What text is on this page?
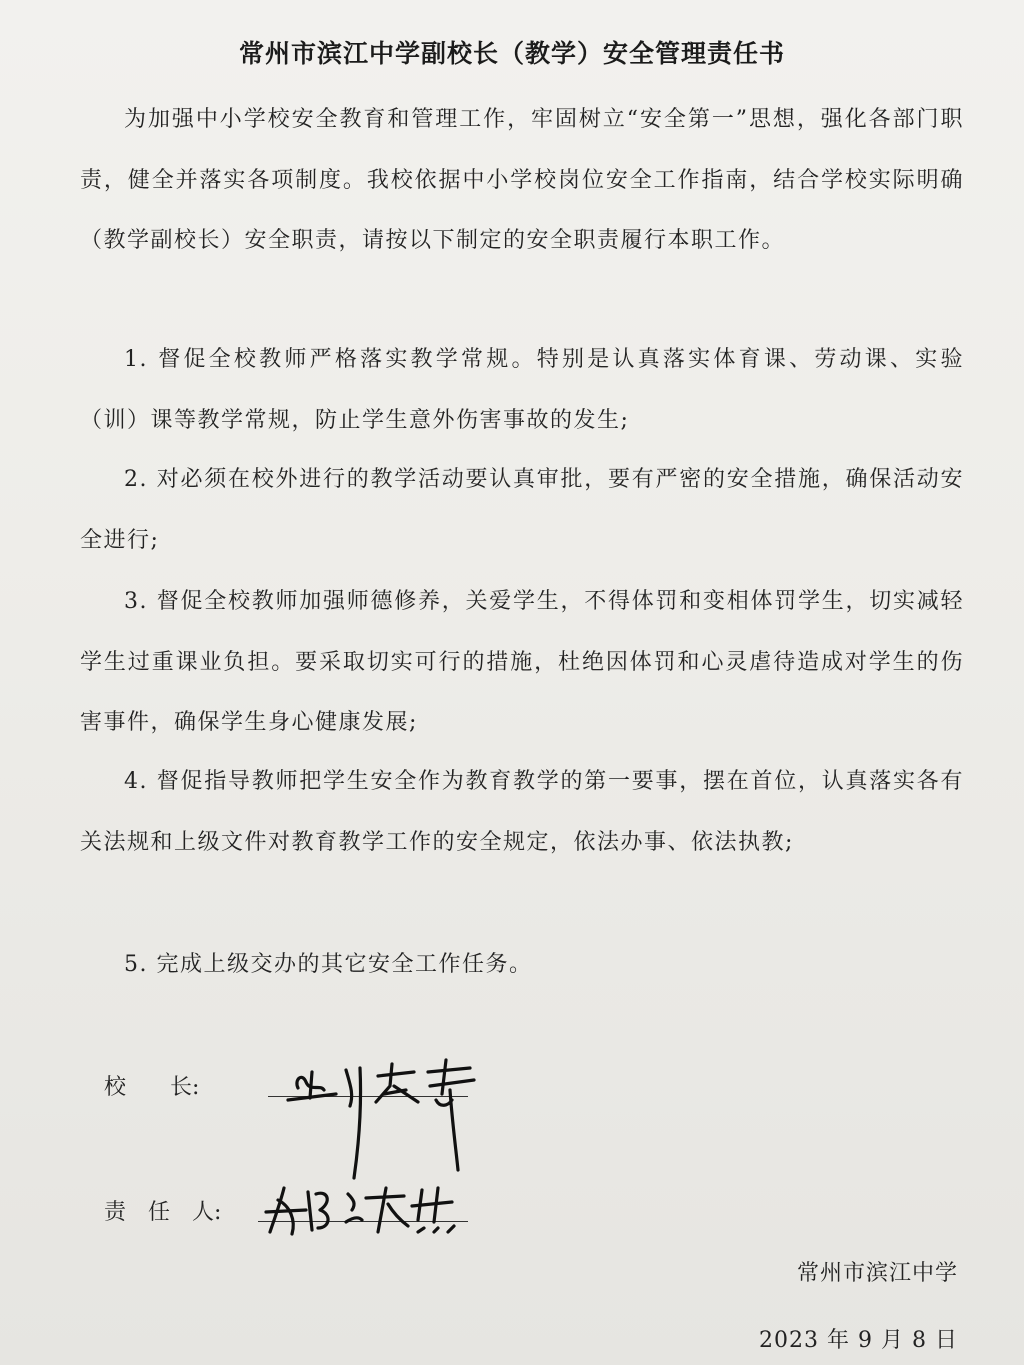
常州市滨江中学副校长（教学）安全管理责任书

为加强中小学校安全教育和管理工作，牢固树立“安全第一”思想，强化各部门职责，健全并落实各项制度。我校依据中小学校岗位安全工作指南，结合学校实际明确（教学副校长）安全职责，请按以下制定的安全职责履行本职工作。

1. 督促全校教师严格落实教学常规。特别是认真落实体育课、劳动课、实验（训）课等教学常规，防止学生意外伤害事故的发生;

2. 对必须在校外进行的教学活动要认真审批，要有严密的安全措施，确保活动安全进行;

3. 督促全校教师加强师德修养，关爱学生，不得体罚和变相体罚学生，切实减轻学生过重课业负担。要采取切实可行的措施，杜绝因体罚和心灵虐待造成对学生的伤害事件，确保学生身心健康发展;

4. 督促指导教师把学生安全作为教育教学的第一要事，摆在首位，认真落实各有关法规和上级文件对教育教学工作的安全规定，依法办事、依法执教;

5. 完成上级交办的其它安全工作任务。

校　　长:
责　任　人:
常州市滨江中学
2023 年 9 月 8 日
